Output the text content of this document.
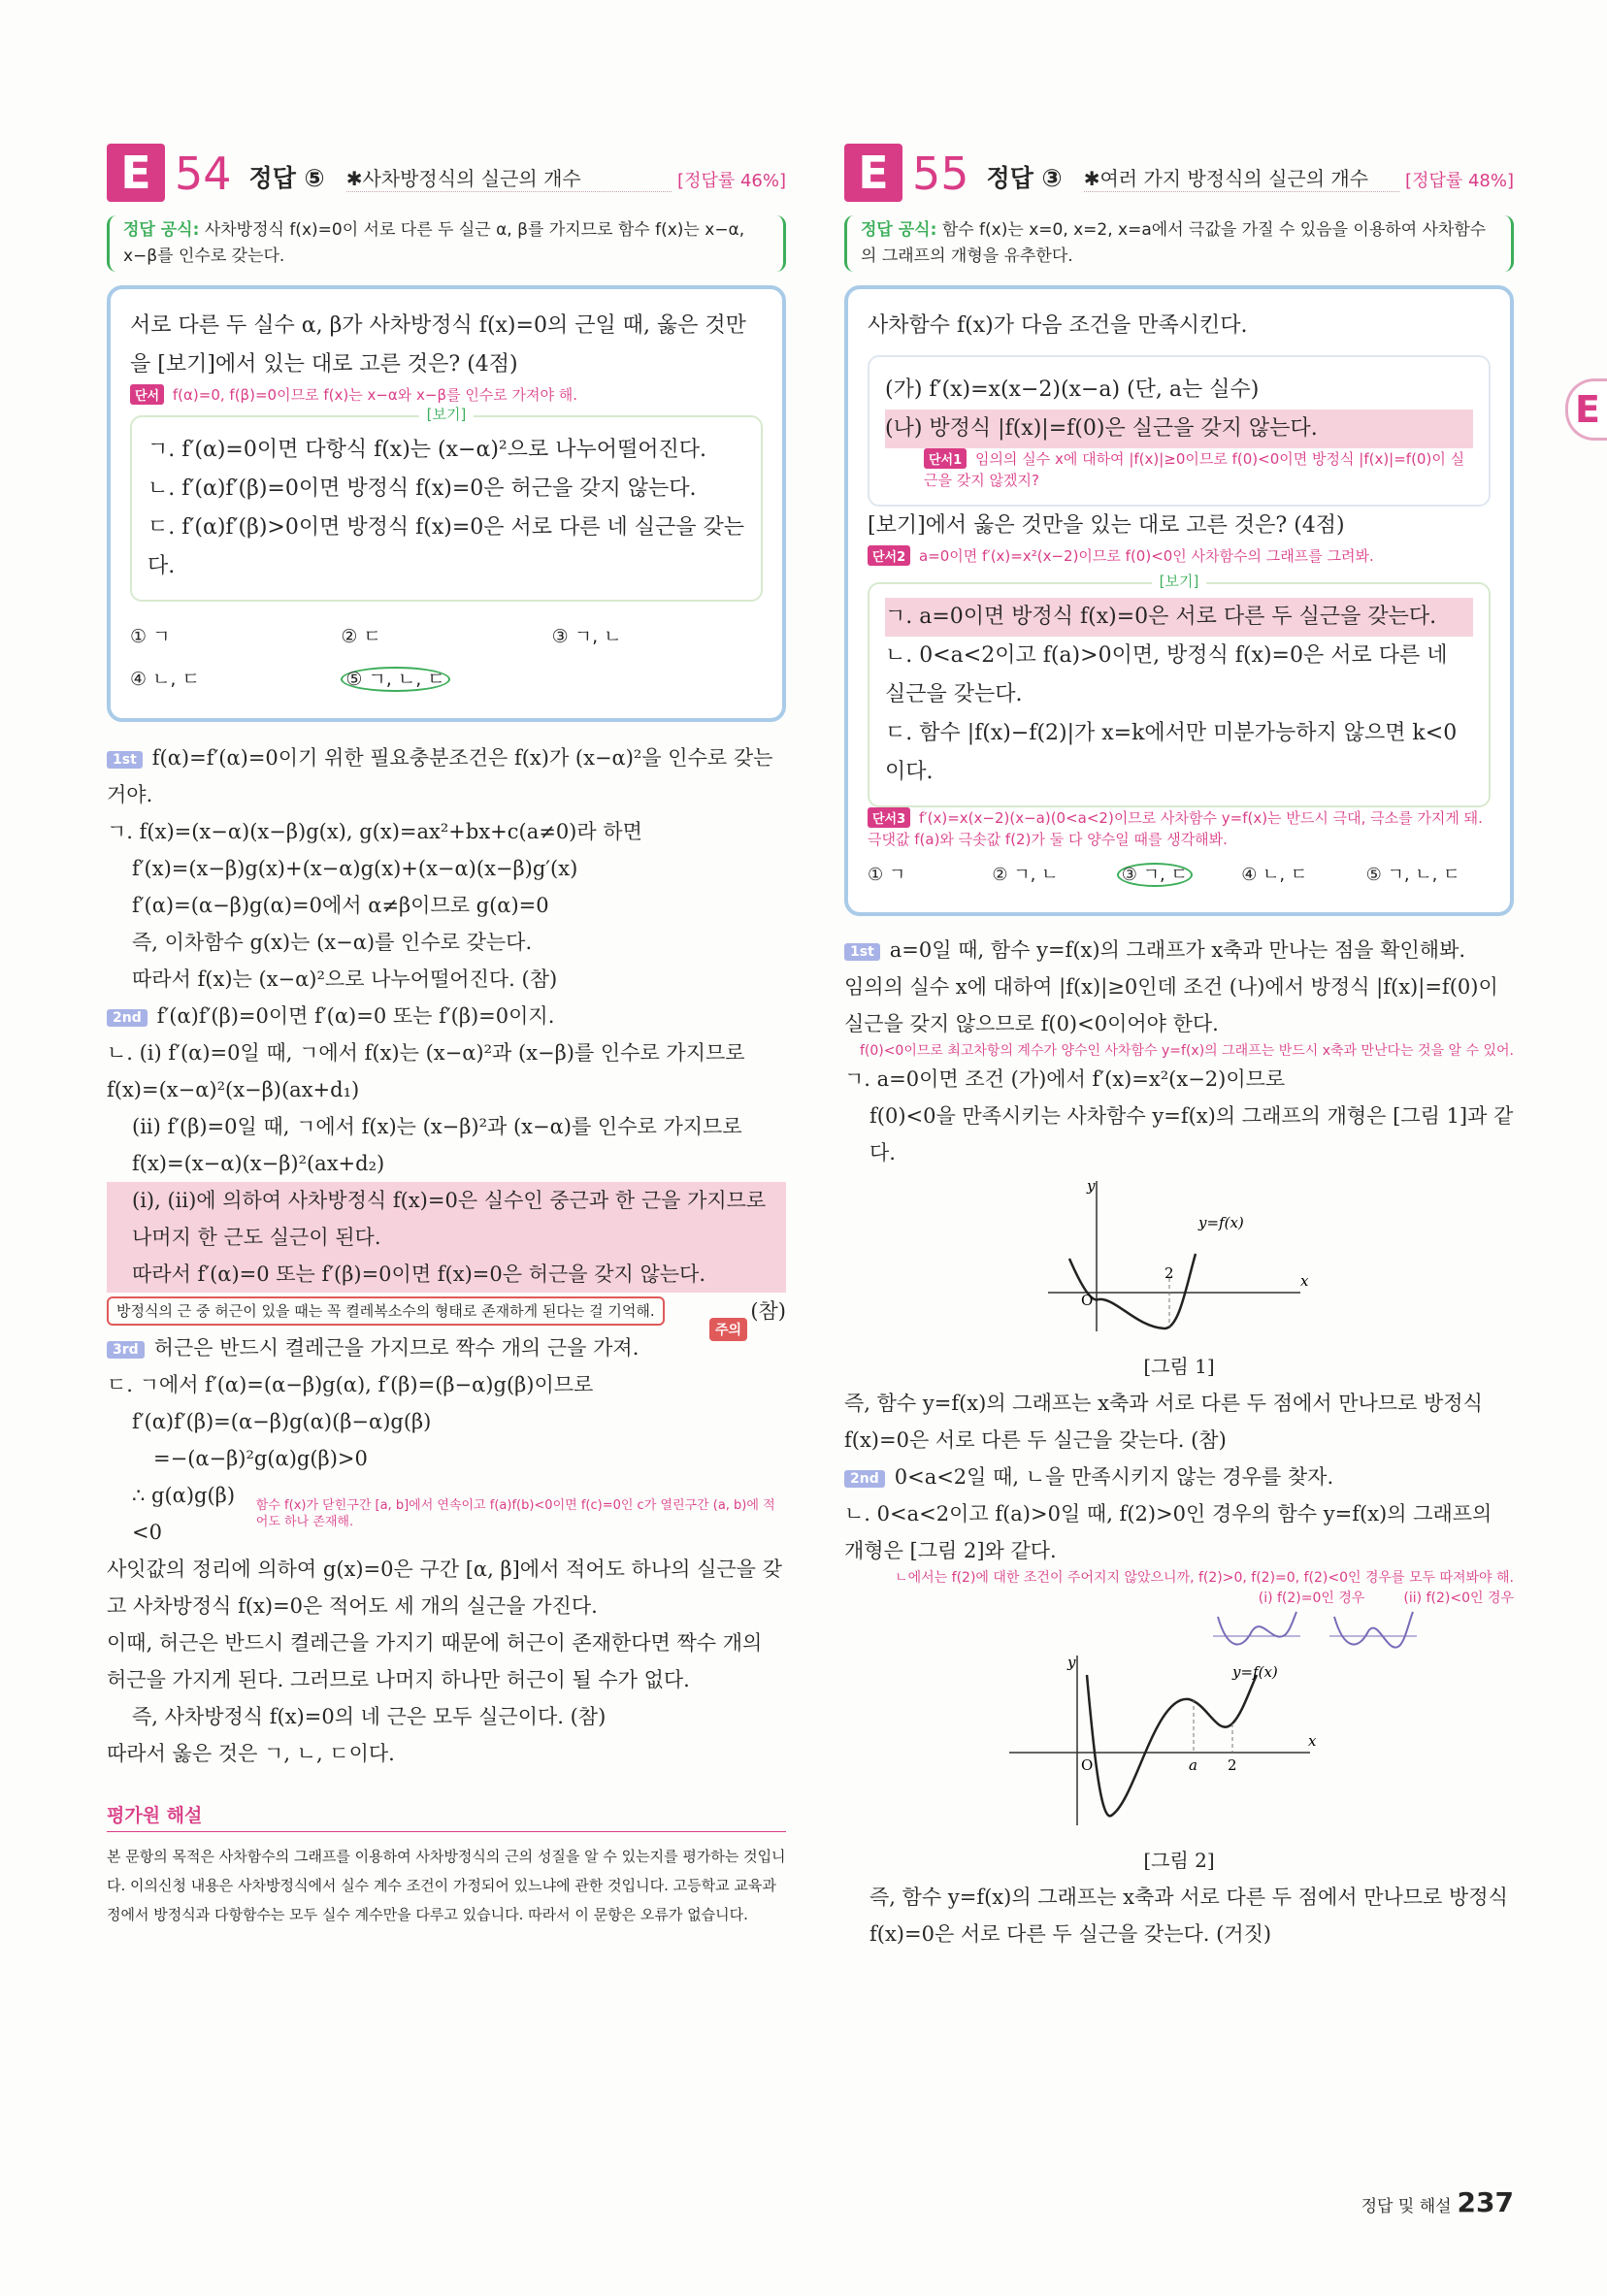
E 54 정답 ⑤ ✱사차방정식의 실근의 개수	[정답률 46%]
정답 공식: 사차방정식 f(x)=0이 서로 다른 두 실근 α, β를 가지므로 함수 f(x)는 x−α, x−β를 인수로 갖는다.
서로 다른 두 실수 α, β가 사차방정식 f(x)=0의 근일 때, 옳은 것만을 [보기]에서 있는 대로 고른 것은? (4점)
단서 f(α)=0, f(β)=0이므로 f(x)는 x−α와 x−β를 인수로 가져야 해.
[보기]
ㄱ. f′(α)=0이면 다항식 f(x)는 (x−α)²으로 나누어떨어진다.
ㄴ. f′(α)f′(β)=0이면 방정식 f(x)=0은 허근을 갖지 않는다.
ㄷ. f′(α)f′(β)>0이면 방정식 f(x)=0은 서로 다른 네 실근을 갖는다.
① ㄱ	② ㄷ	③ ㄱ, ㄴ
④ ㄴ, ㄷ	⑤ ㄱ, ㄴ, ㄷ

1st f(α)=f′(α)=0이기 위한 필요충분조건은 f(x)가 (x−α)²을 인수로 갖는 거야.

ㄱ. f(x)=(x−α)(x−β)g(x), g(x)=ax²+bx+c(a≠0)라 하면

f′(x)=(x−β)g(x)+(x−α)g(x)+(x−α)(x−β)g′(x)

f′(α)=(α−β)g(α)=0에서 α≠β이므로 g(α)=0

즉, 이차함수 g(x)는 (x−α)를 인수로 갖는다.

따라서 f(x)는 (x−α)²으로 나누어떨어진다. (참)

2nd f′(α)f′(β)=0이면 f′(α)=0 또는 f′(β)=0이지.

ㄴ. (i) f′(α)=0일 때, ㄱ에서 f(x)는 (x−α)²과 (x−β)를 인수로 가지므로 f(x)=(x−α)²(x−β)(ax+d₁)

(ii) f′(β)=0일 때, ㄱ에서 f(x)는 (x−β)²과 (x−α)를 인수로 가지므로 f(x)=(x−α)(x−β)²(ax+d₂)

(i), (ii)에 의하여 사차방정식 f(x)=0은 실수인 중근과 한 근을 가지므로 나머지 한 근도 실근이 된다.

따라서 f′(α)=0 또는 f′(β)=0이면 f(x)=0은 허근을 갖지 않는다.

방정식의 근 중 허근이 있을 때는 꼭 켤레복소수의 형태로 존재하게 된다는 걸 기억해.	(참)

주의
3rd 허근은 반드시 켤레근을 가지므로 짝수 개의 근을 가져.

ㄷ. ㄱ에서 f′(α)=(α−β)g(α), f′(β)=(β−α)g(β)이므로

f′(α)f′(β)=(α−β)g(α)(β−α)g(β)

=−(α−β)²g(α)g(β)>0

∴ g(α)g(β)<0
함수 f(x)가 닫힌구간 [a, b]에서 연속이고 f(a)f(b)<0이면 f(c)=0인 c가 열린구간 (a, b)에 적어도 하나 존재해.

사잇값의 정리에 의하여 g(x)=0은 구간 [α, β]에서 적어도 하나의 실근을 갖고 사차방정식 f(x)=0은 적어도 세 개의 실근을 가진다.

이때, 허근은 반드시 켤레근을 가지기 때문에 허근이 존재한다면 짝수 개의 허근을 가지게 된다. 그러므로 나머지 하나만 허근이 될 수가 없다.

즉, 사차방정식 f(x)=0의 네 근은 모두 실근이다. (참)

따라서 옳은 것은 ㄱ, ㄴ, ㄷ이다.

평가원 해설
본 문항의 목적은 사차함수의 그래프를 이용하여 사차방정식의 근의 성질을 알 수 있는지를 평가하는 것입니다. 이의신청 내용은 사차방정식에서 실수 계수 조건이 가정되어 있느냐에 관한 것입니다. 고등학교 교육과정에서 방정식과 다항함수는 모두 실수 계수만을 다루고 있습니다. 따라서 이 문항은 오류가 없습니다.
E 55 정답 ③ ✱여러 가지 방정식의 실근의 개수	[정답률 48%]
정답 공식: 함수 f(x)는 x=0, x=2, x=a에서 극값을 가질 수 있음을 이용하여 사차함수의 그래프의 개형을 유추한다.
사차함수 f(x)가 다음 조건을 만족시킨다.
(가) f′(x)=x(x−2)(x−a) (단, a는 실수)
(나) 방정식 |f(x)|=f(0)은 실근을 갖지 않는다.
단서1 임의의 실수 x에 대하여 |f(x)|≥0이므로 f(0)<0이면 방정식 |f(x)|=f(0)이 실근을 갖지 않겠지?
[보기]에서 옳은 것만을 있는 대로 고른 것은? (4점)
단서2 a=0이면 f′(x)=x²(x−2)이므로 f(0)<0인 사차함수의 그래프를 그려봐.
[보기]
ㄱ. a=0이면 방정식 f(x)=0은 서로 다른 두 실근을 갖는다.
ㄴ. 0<a<2이고 f(a)>0이면, 방정식 f(x)=0은 서로 다른 네 실근을 갖는다.
ㄷ. 함수 |f(x)−f(2)|가 x=k에서만 미분가능하지 않으면 k<0이다.
단서3 f′(x)=x(x−2)(x−a)(0<a<2)이므로 사차함수 y=f(x)는 반드시 극대, 극소를 가지게 돼. 극댓값 f(a)와 극솟값 f(2)가 둘 다 양수일 때를 생각해봐.
① ㄱ	② ㄱ, ㄴ	③ ㄱ, ㄷ	④ ㄴ, ㄷ	⑤ ㄱ, ㄴ, ㄷ

1st a=0일 때, 함수 y=f(x)의 그래프가 x축과 만나는 점을 확인해봐.

임의의 실수 x에 대하여 |f(x)|≥0인데 조건 (나)에서 방정식 |f(x)|=f(0)이 실근을 갖지 않으므로 f(0)<0이어야 한다.

f(0)<0이므로 최고차항의 계수가 양수인 사차함수 y=f(x)의 그래프는 반드시 x축과 만난다는 것을 알 수 있어.

ㄱ. a=0이면 조건 (가)에서 f′(x)=x²(x−2)이므로

f(0)<0을 만족시키는 사차함수 y=f(x)의 그래프의 개형은 [그림 1]과 같다.

y
x
O
2
y=f(x)
[그림 1]

즉, 함수 y=f(x)의 그래프는 x축과 서로 다른 두 점에서 만나므로 방정식 f(x)=0은 서로 다른 두 실근을 갖는다. (참)

2nd 0<a<2일 때, ㄴ을 만족시키지 않는 경우를 찾자.

ㄴ. 0<a<2이고 f(a)>0일 때, f(2)>0인 경우의 함수 y=f(x)의 그래프의 개형은 [그림 2]와 같다.

ㄴ에서는 f(2)에 대한 조건이 주어지지 않았으니까, f(2)>0, f(2)=0, f(2)<0인 경우를 모두 따져봐야 해.

(i) f(2)=0인 경우	(ii) f(2)<0인 경우
y
x
O	a 2
y=f(x)
[그림 2]

즉, 함수 y=f(x)의 그래프는 x축과 서로 다른 두 점에서 만나므로 방정식 f(x)=0은 서로 다른 두 실근을 갖는다. (거짓)

E
정답 및 해설 237
